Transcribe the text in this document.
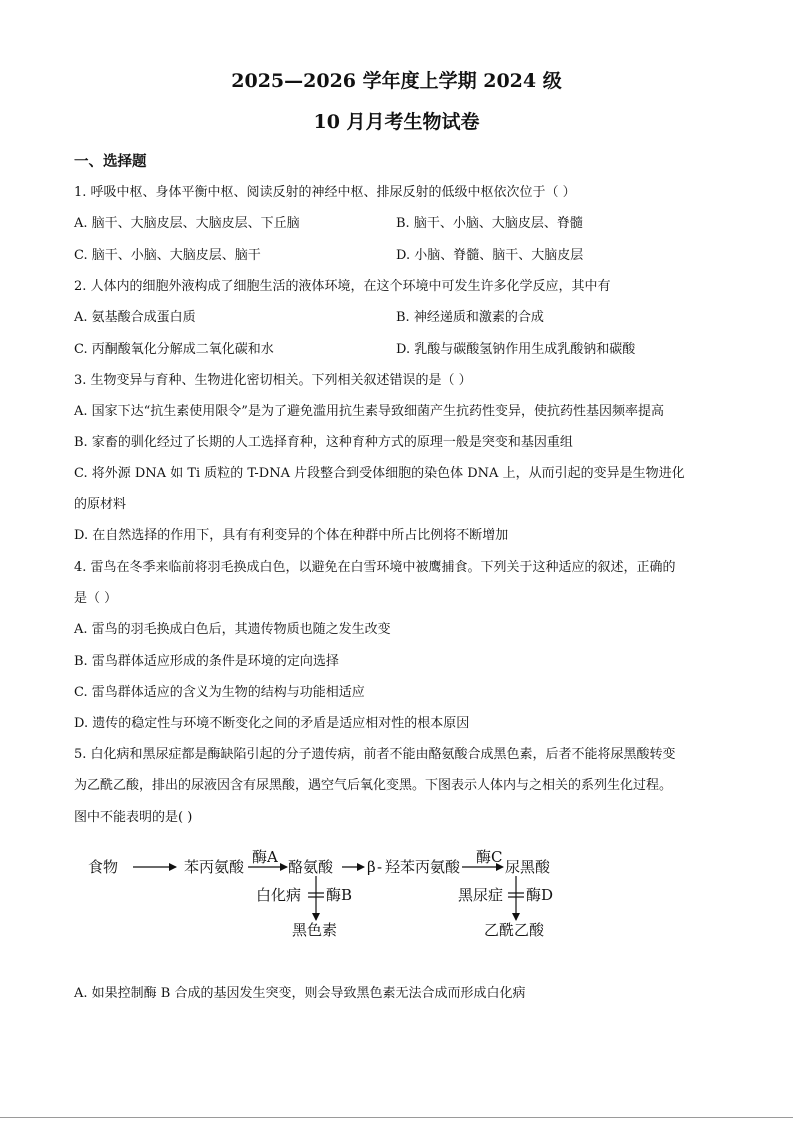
2025—2026 学年度上学期 2024 级
10 月月考生物试卷
一、选择题
1. 呼吸中枢、身体平衡中枢、阅读反射的神经中枢、排尿反射的低级中枢依次位于（ ）
A. 脑干、大脑皮层、大脑皮层、下丘脑	B. 脑干、小脑、大脑皮层、脊髓
C. 脑干、小脑、大脑皮层、脑干	D. 小脑、脊髓、脑干、大脑皮层
2. 人体内的细胞外液构成了细胞生活的液体环境，在这个环境中可发生许多化学反应，其中有
A. 氨基酸合成蛋白质	B. 神经递质和激素的合成
C. 丙酮酸氧化分解成二氧化碳和水	D. 乳酸与碳酸氢钠作用生成乳酸钠和碳酸
3. 生物变异与育种、生物进化密切相关。下列相关叙述错误的是（ ）
A. 国家下达“抗生素使用限令”是为了避免滥用抗生素导致细菌产生抗药性变异，使抗药性基因频率提高
B. 家畜的驯化经过了长期的人工选择育种，这种育种方式的原理一般是突变和基因重组
C. 将外源 DNA 如 Ti 质粒的 T-DNA 片段整合到受体细胞的染色体 DNA 上，从而引起的变异是生物进化
的原材料
D. 在自然选择的作用下，具有有利变异的个体在种群中所占比例将不断增加
4. 雷鸟在冬季来临前将羽毛换成白色，以避免在白雪环境中被鹰捕食。下列关于这种适应的叙述，正确的
是（ ）
A. 雷鸟的羽毛换成白色后，其遗传物质也随之发生改变
B. 雷鸟群体适应形成的条件是环境的定向选择
C. 雷鸟群体适应的含义为生物的结构与功能相适应
D. 遗传的稳定性与环境不断变化之间的矛盾是适应相对性的根本原因
5. 白化病和黑尿症都是酶缺陷引起的分子遗传病，前者不能由酪氨酸合成黑色素，后者不能将尿黑酸转变
为乙酰乙酸，排出的尿液因含有尿黑酸，遇空气后氧化变黑。下图表示人体内与之相关的系列生化过程。
图中不能表明的是( )
食物	苯丙氨酸
酶A
酪氨酸 β - 羟苯丙氨酸
酶C
尿黑酸
白化病 酶B
黑色素
黑尿症 酶D
乙酰乙酸
A. 如果控制酶 B 合成的基因发生突变，则会导致黑色素无法合成而形成白化病
